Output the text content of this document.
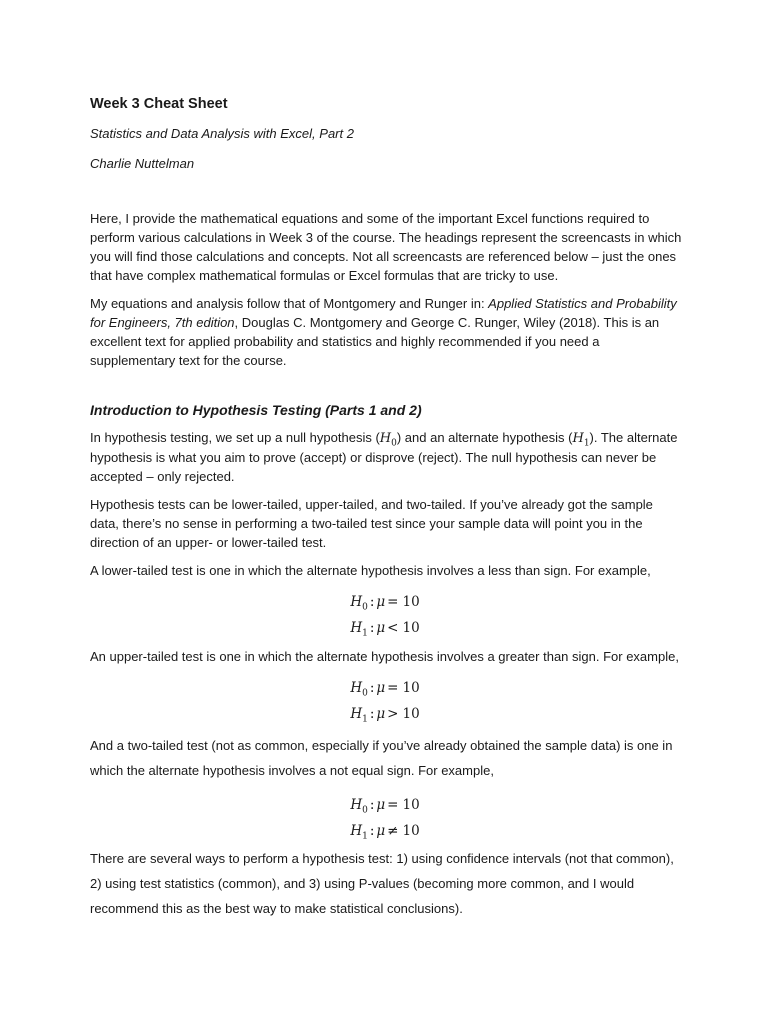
Week 3 Cheat Sheet
Statistics and Data Analysis with Excel, Part 2
Charlie Nuttelman

Here, I provide the mathematical equations and some of the important Excel functions required to perform various calculations in Week 3 of the course. The headings represent the screencasts in which you will find those calculations and concepts. Not all screencasts are referenced below – just the ones that have complex mathematical formulas or Excel formulas that are tricky to use.

My equations and analysis follow that of Montgomery and Runger in: Applied Statistics and Probability for Engineers, 7th edition, Douglas C. Montgomery and George C. Runger, Wiley (2018). This is an excellent text for applied probability and statistics and highly recommended if you need a supplementary text for the course.

Introduction to Hypothesis Testing (Parts 1 and 2)

In hypothesis testing, we set up a null hypothesis $(H_0)$ and an alternate hypothesis $(H_1)$. The alternate hypothesis is what you aim to prove (accept) or disprove (reject). The null hypothesis can never be accepted – only rejected.

Hypothesis tests can be lower-tailed, upper-tailed, and two-tailed. If you’ve already got the sample data, there’s no sense in performing a two-tailed test since your sample data will point you in the direction of an upper- or lower-tailed test.

A lower-tailed test is one in which the alternate hypothesis involves a less than sign. For example,

$H_0$ : μ = 10
$H_1$ : μ < 10

An upper-tailed test is one in which the alternate hypothesis involves a greater than sign. For example,

$H_0$ : μ = 10
$H_1$ : μ > 10

And a two-tailed test (not as common, especially if you’ve already obtained the sample data) is one in which the alternate hypothesis involves a not equal sign. For example,

$H_0$ : μ = 10
$H_1$ : μ ≠ 10

There are several ways to perform a hypothesis test: 1) using confidence intervals (not that common), 2) using test statistics (common), and 3) using P-values (becoming more common, and I would recommend this as the best way to make statistical conclusions).
